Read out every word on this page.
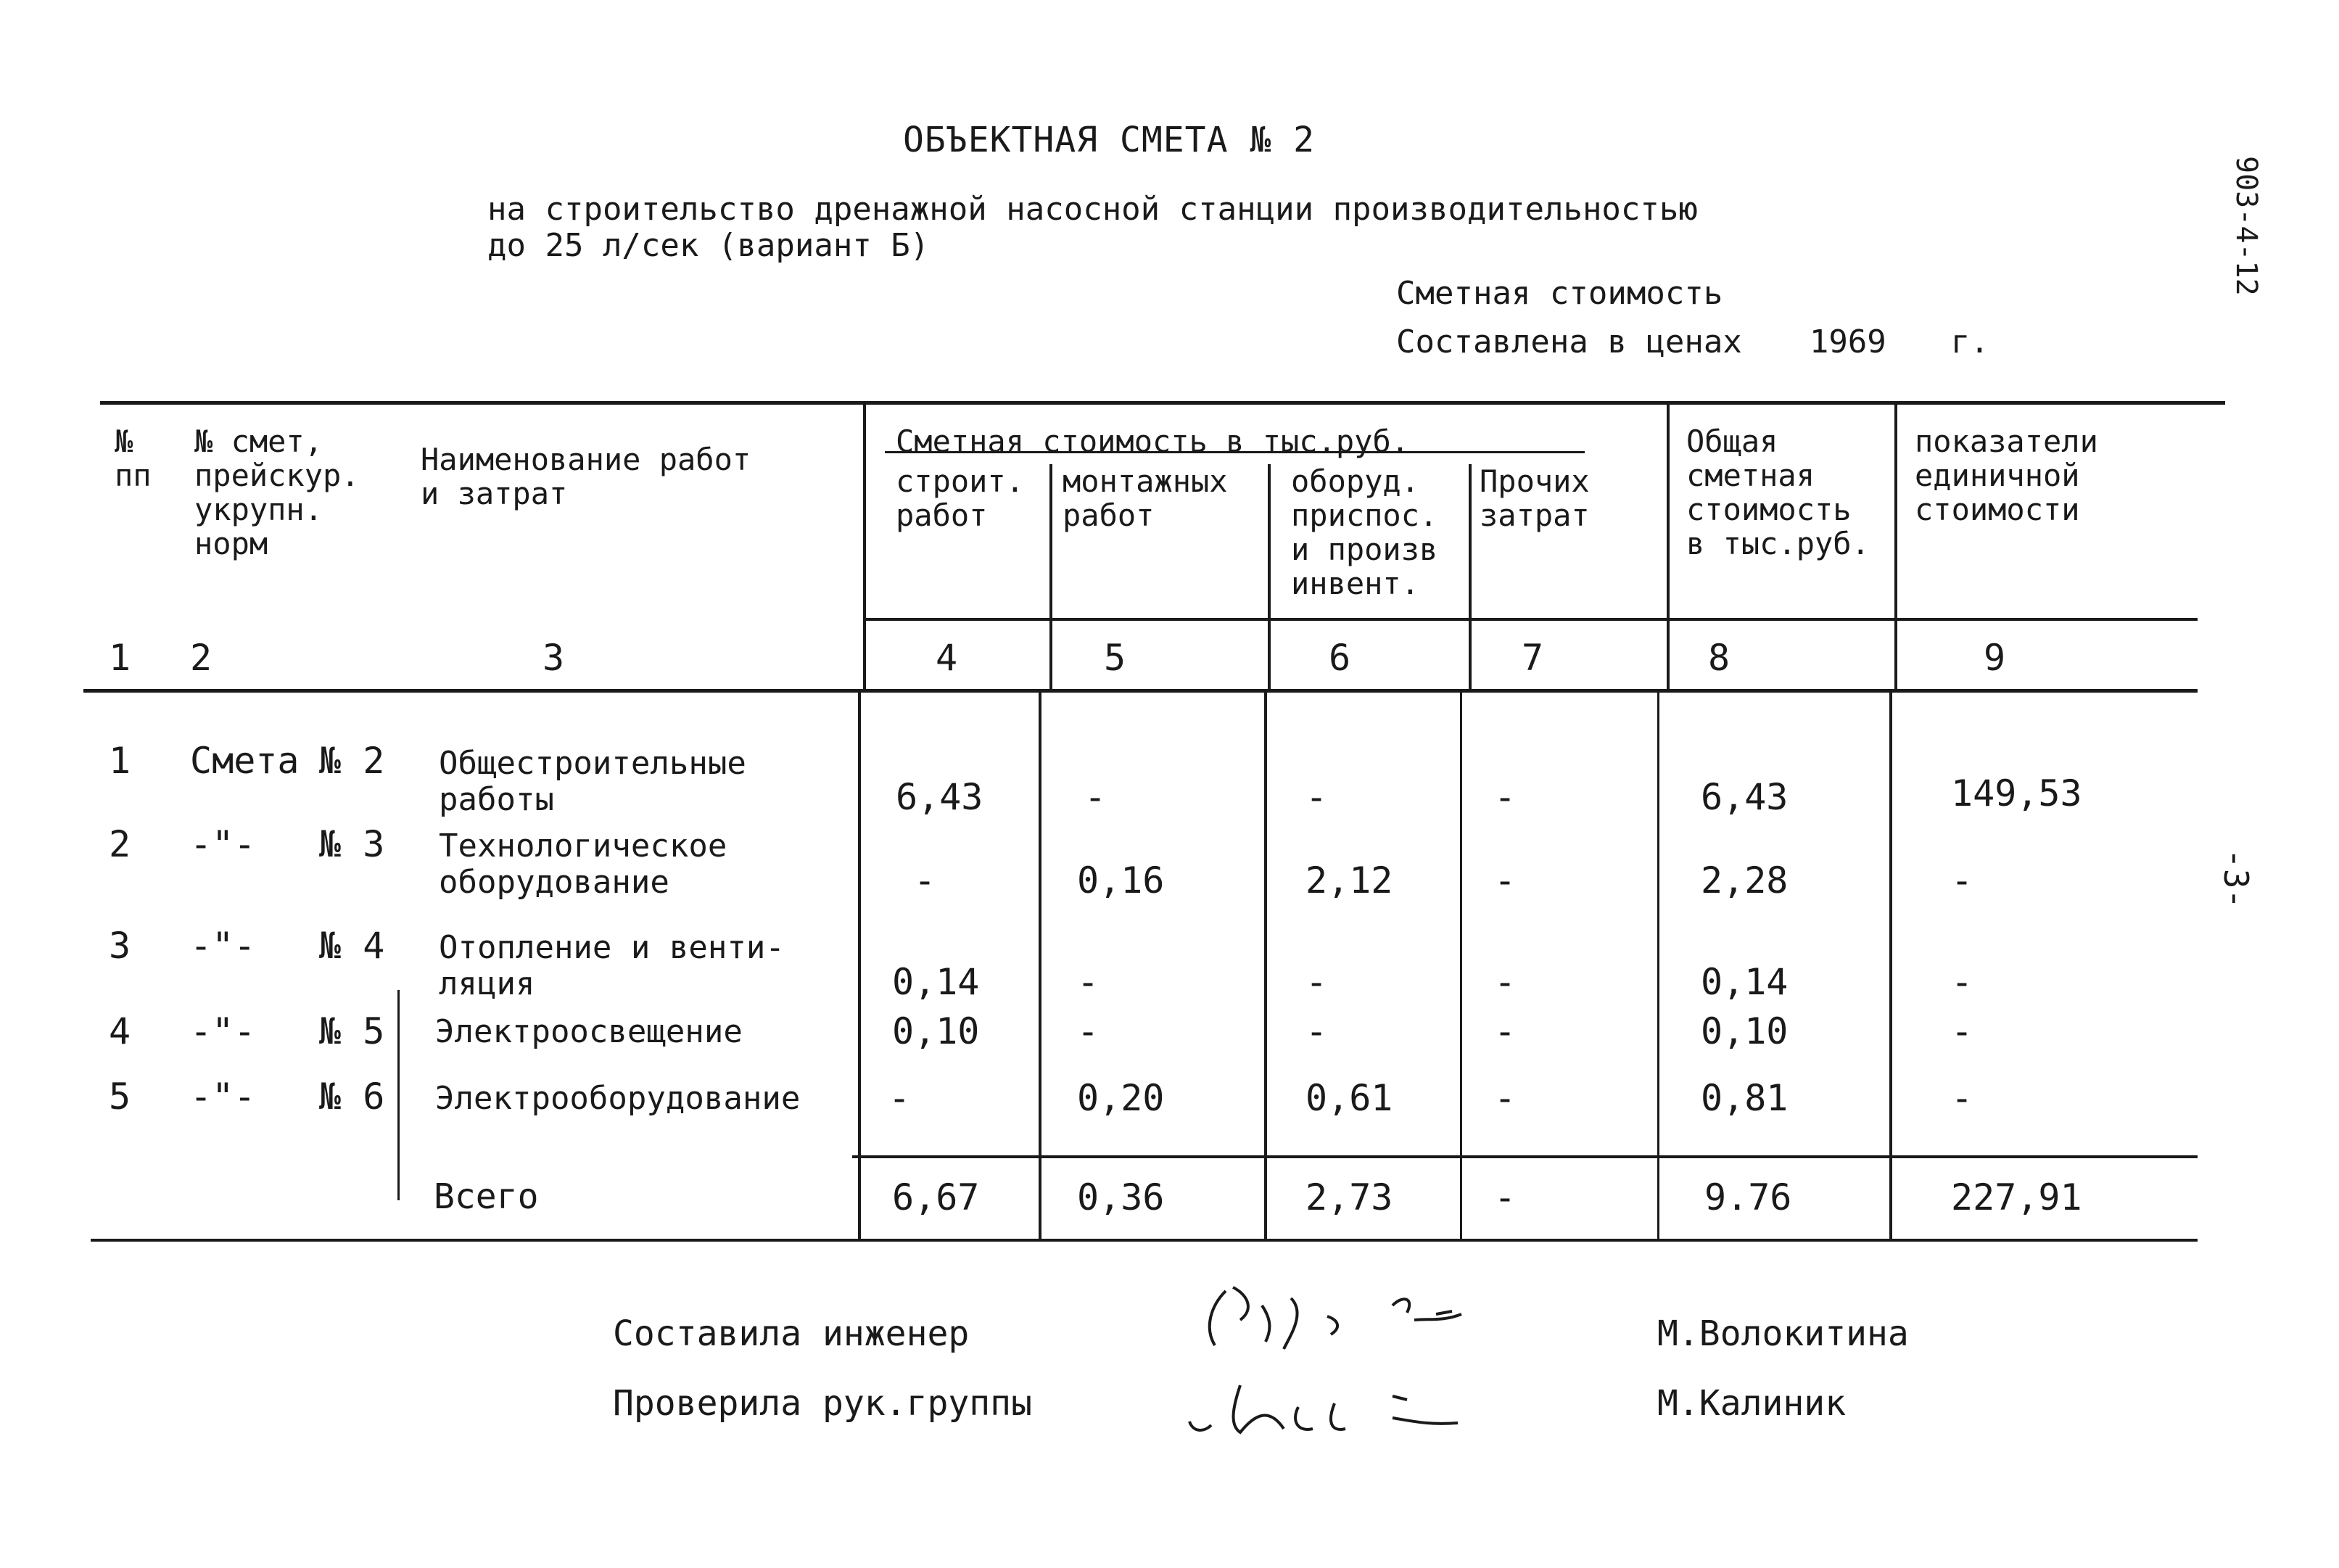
ОБЪЕКТНАЯ СМЕТА № 2
на строительство дренажной насосной станции производительностью
до 25 л/сек (вариант Б)
Сметная стоимость
Составлена в ценах 1969 г.
903-4-12
-3-
№
пп
№ смет,
прейскур.
укрупн.
норм
Наименование работ
и затрат
Сметная стоимость в тыс.руб.
строит.
работ
монтажных
работ
оборуд.
приспос.
и произв
инвент.
Прочих
затрат
Общая
сметная
стоимость
в тыс.руб.
показатели
единичной
стоимости
1 2	3	4	5	6	7	8	9
1 Смета № 2 Общестроительные
работы	6,43	-	-	-	6,43	149,53
2 -"- № 3 Технологическое
оборудование	-	0,16	2,12	-	2,28	-
3 -"- № 4 Отопление и венти-
ляция	0,14	-	-	-	0,14	-
4 -"- № 5 Электроосвещение	0,10	-	-	-	0,10	-
5 -"- № 6 Электрооборудование -	0,20	0,61	-	0,81	-
Всего	6,67	0,36	2,73	-	9.76	227,91
Составила инженер	М.Волокитина
Проверила рук.группы	М.Калиник
